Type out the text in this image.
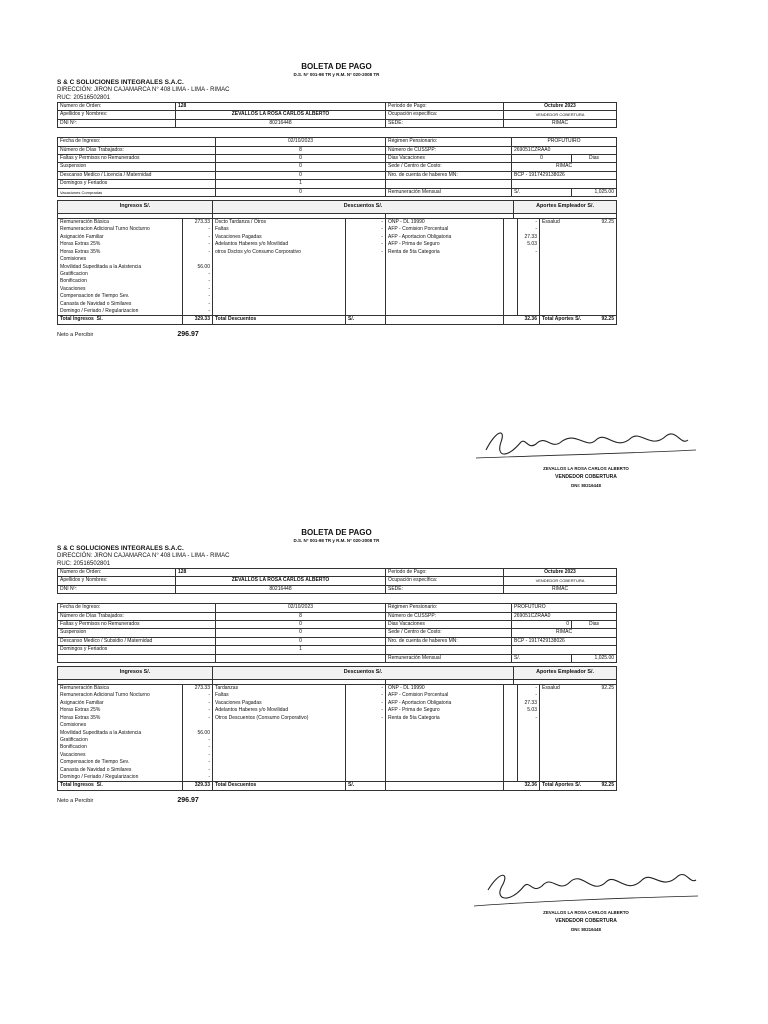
BOLETA DE PAGO
D.S. N° 001-98 TR y R.M. N° 020-2008 TR
S & C SOLUCIONES INTEGRALES S.A.C.
DIRECCIÓN: JIRON CAJAMARCA N° 408 LIMA - LIMA - RIMAC
RUC: 20516502801
Numero de Orden:	128	Periodo de Pago:	Octubre 2023
Apellidos y Nombres:	ZEVALLOS LA ROSA CARLOS ALBERTO	Ocupación específica:	VENDEDOR COBERTURA
DNI Nº:	80216448	SEDE:	RIMAC
Fecha de Ingreso:	02/10/2023	Régimen Pensionario:	PROFUTUIRO	
Número de Días Trabajados:	8	Número de CUSSPP:	269051CZRAA0	
Faltas y Permisos no Remunerados	0	Dias Vacaciones	0	Dias
Suspension	0	Sede / Centro de Costo:	RIMAC	
Descanso Medico / Licencia / Maternidad	0	Nro. de cuenta de haberes MN:	BCP - 19174291380​26	
Domingos y Feriados	1			
Vacaciones Compradas	0	Remuneración Mensual	S/.	1,025.00
Ingresos S/.	Descuentos S/.		Aportes Empleador S/.

Remuneración Básica	273.33	Dscto Tardanza / Otros	-	ONP - DL 19990		-	Essalud 92.25

Remuneracion Adicional Turno Nocturno	-	Faltas	-	AFP - Comision Porcentual		-	
Asignación Familiar	-	Vacaciones Pagadas	-	AFP - Aportacion Obligatoria		27.33	
Horas Extras 25%	-	Adelantos Haberes y/o Movilidad	-	AFP - Prima de Seguro		5.03	
Horas Extras 35%	-	otros Dsctos y/o Consumo Corporativo	-	Renta de 5ta Categoria		-	
Comisiones							
Movilidad Supeditada a la Asistencia	56.00						
Gratificacion	-						
Bonificacion	-						
Vacaciones	-						
Compensacion de Tiempo Sev.	-						
Canasta de Navidad o Similares	-						
Domingo / Feriado / Regularizacion	-						
Total Ingresos S/.	329.33	Total Descuentos	S/.		32.36		Total Aportes S/. 92.25
Neto a Percibir	296.97
ZEVALLOS LA ROSA CARLOS ALBERTO
VENDEDOR COBERTURA
DNI: 80216448
BOLETA DE PAGO
D.S. N° 001-98 TR y R.M. N° 020-2008 TR
S & C SOLUCIONES INTEGRALES S.A.C.
DIRECCIÓN: JIRON CAJAMARCA N° 408 LIMA - LIMA - RIMAC
RUC: 20516502801
Numero de Orden:	128	Periodo de Pago:	Octubre 2023
Apellidos y Nombres:	ZEVALLOS LA ROSA CARLOS ALBERTO	Ocupación específica:	VENDEDOR COBERTURA
DNI Nº:	80216448	SEDE:	RIMAC
Fecha de Ingreso:	02/10/2023	Régimen Pensionario:	PROFUTURO	
Número de Días Trabajados:	8	Número de CUSSPP:	269051CZRAA0	
Faltas y Permisos no Remunerados	0	Dias Vacaciones	0	Dias
Suspension	0	Sede / Centro de Costo:	RIMAC	
Descanso Medico / Subsidio / Maternidad	0	Nro. de cuenta de haberes MN:	BCP - 19174291380​26	
Domingos y Feriados	1			
		Remuneración Mensual	S/.	1,025.00
Ingresos S/.	Descuentos S/.		Aportes Empleador S/.

Remuneración Básica	273.33	Tardanzas	-	ONP - DL 19990		-	Essalud 92.25

Remuneracion Adicional Turno Nocturno	-	Faltas	-	AFP - Comision Porcentual		-	
Asignación Familiar	-	Vacaciones Pagadas	-	AFP - Aportacion Obligatoria		27.33	
Horas Extras 25%	-	Adelantos Haberes y/o Movilidad	-	AFP - Prima de Seguro		5.03	
Horas Extras 35%	-	Otros Descuentos (Consumo Corporativo)	-	Renta de 5ta Categoria		-	
Comisiones							
Movilidad Supeditada a la Asistencia	56.00						
Gratificacion	-						
Bonificacion	-						
Vacaciones	-						
Compensacion de Tiempo Sev.	-						
Canasta de Navidad o Similares	-						
Domingo / Feriado / Regularizacion	-						
Total Ingresos S/.	329.33	Total Descuentos	S/.		32.36		Total Aportes S/. 92.25
Neto a Percibir	296.97
ZEVALLOS LA ROSA CARLOS ALBERTO
VENDEDOR COBERTURA
DNI: 80216448
